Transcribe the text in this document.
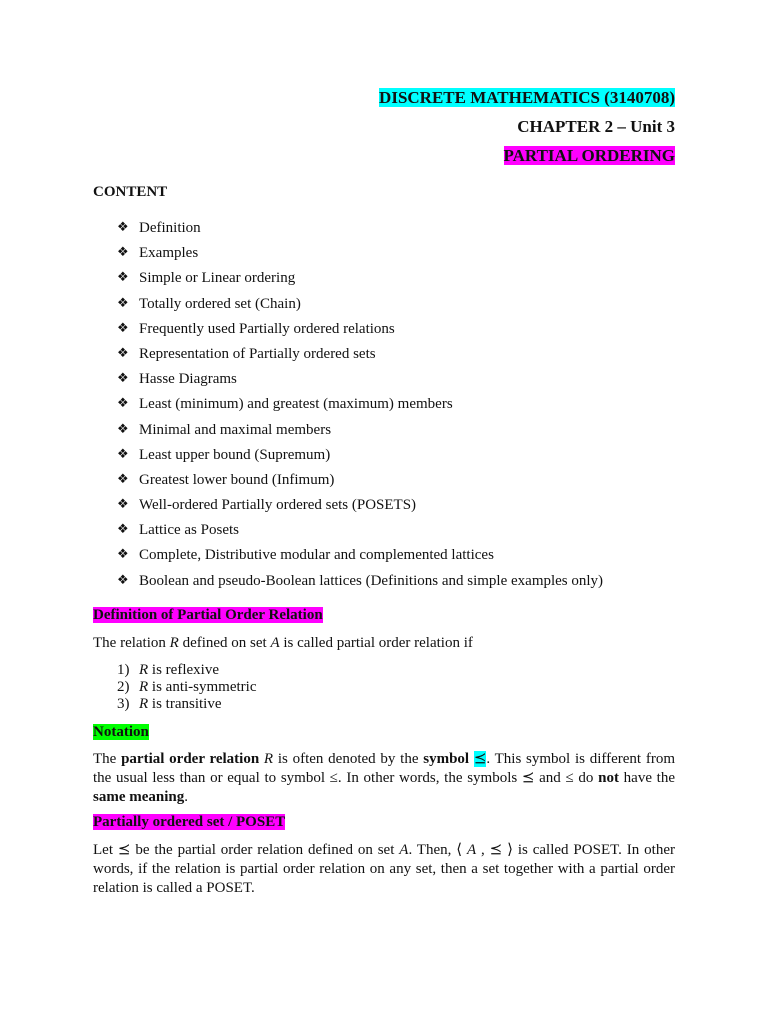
DISCRETE MATHEMATICS (3140708)
CHAPTER 2 – Unit 3
PARTIAL ORDERING
CONTENT
❖ Definition
❖ Examples
❖ Simple or Linear ordering
❖ Totally ordered set (Chain)
❖ Frequently used Partially ordered relations
❖ Representation of Partially ordered sets
❖ Hasse Diagrams
❖ Least (minimum) and greatest (maximum) members
❖ Minimal and maximal members
❖ Least upper bound (Supremum)
❖ Greatest lower bound (Infimum)
❖ Well-ordered Partially ordered sets (POSETS)
❖ Lattice as Posets
❖ Complete, Distributive modular and complemented lattices
❖ Boolean and pseudo-Boolean lattices (Definitions and simple examples only)
Definition of Partial Order Relation
The relation R defined on set A is called partial order relation if
1) R is reflexive
2) R is anti-symmetric
3) R is transitive
Notation
The partial order relation R is often denoted by the symbol ⪯. This symbol is different from
the usual less than or equal to symbol ≤. In other words, the symbols ⪯ and ≤ do not have the
same meaning.
Partially ordered set / POSET
Let ⪯ be the partial order relation defined on set A. Then, ⟨ A , ⪯ ⟩ is called POSET. In other
words, if the relation is partial order relation on any set, then a set together with a partial order
relation is called a POSET.
